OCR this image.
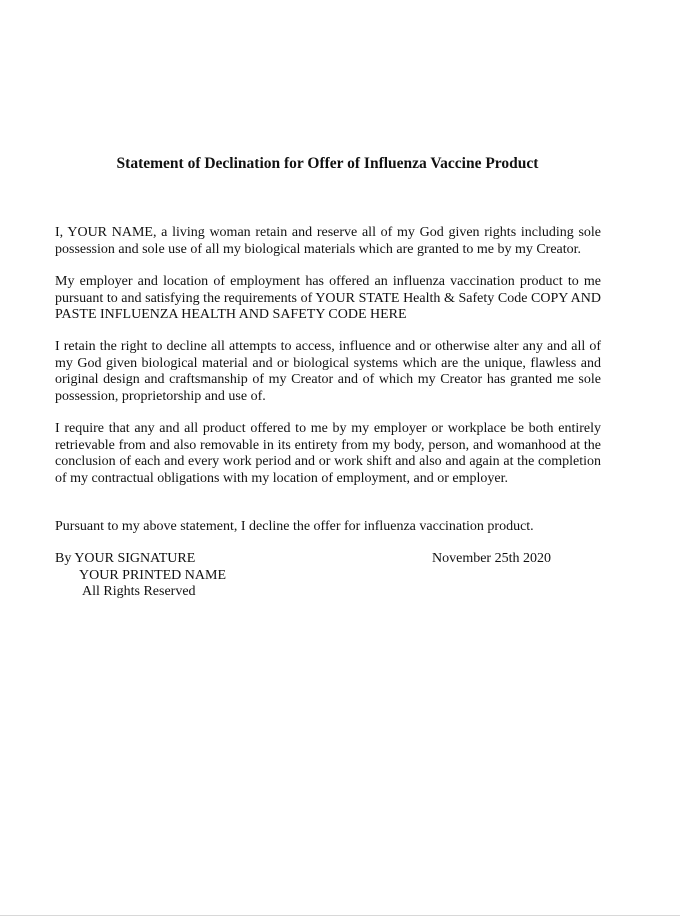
Statement of Declination for Offer of Influenza Vaccine Product

I, YOUR NAME, a living woman retain and reserve all of my God given rights including sole possession and sole use of all my biological materials which are granted to me by my Creator.

My employer and location of employment has offered an influenza vaccination product to me pursuant to and satisfying the requirements of YOUR STATE Health & Safety Code COPY AND PASTE INFLUENZA HEALTH AND SAFETY CODE HERE

I retain the right to decline all attempts to access, influence and or otherwise alter any and all of my God given biological material and or biological systems which are the unique, flawless and original design and craftsmanship of my Creator and of which my Creator has granted me sole possession, proprietorship and use of.

I require that any and all product offered to me by my employer or workplace be both entirely retrievable from and also removable in its entirety from my body, person, and womanhood at the conclusion of each and every work period and or work shift and also and again at the completion of my contractual obligations with my location of employment, and or employer.

Pursuant to my above statement, I decline the offer for influenza vaccination product.

By YOUR SIGNATURE	November 25th 2020
YOUR PRINTED NAME
All Rights Reserved
